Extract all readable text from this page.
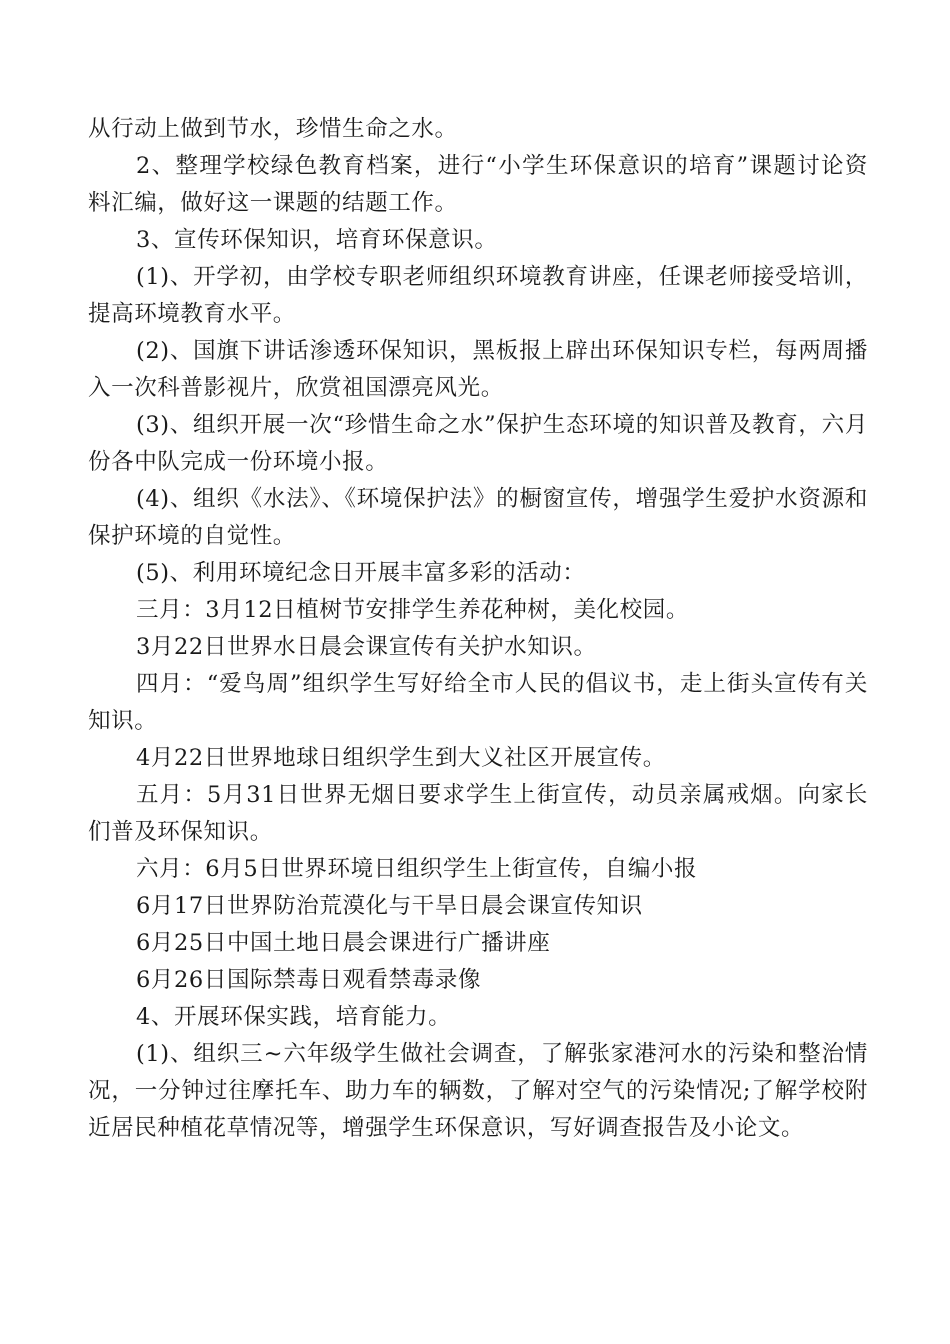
从行动上做到节水，珍惜生命之水。

2、整理学校绿色教育档案，进行“小学生环保意识的培育”课题讨论资料汇编，做好这一课题的结题工作。

3、宣传环保知识，培育环保意识。

(1)、开学初，由学校专职老师组织环境教育讲座，任课老师接受培训，提高环境教育水平。

(2)、国旗下讲话渗透环保知识，黑板报上辟出环保知识专栏，每两周播入一次科普影视片，欣赏祖国漂亮风光。

(3)、组织开展一次“珍惜生命之水”保护生态环境的知识普及教育，六月份各中队完成一份环境小报。

(4)、组织《水法》、《环境保护法》的橱窗宣传，增强学生爱护水资源和保护环境的自觉性。

(5)、利用环境纪念日开展丰富多彩的活动：

三月：3月12日植树节安排学生养花种树，美化校园。

3月22日世界水日晨会课宣传有关护水知识。

四月：“爱鸟周”组织学生写好给全市人民的倡议书，走上街头宣传有关知识。

4月22日世界地球日组织学生到大义社区开展宣传。

五月：5月31日世界无烟日要求学生上街宣传，动员亲属戒烟。向家长们普及环保知识。

六月：6月5日世界环境日组织学生上街宣传，自编小报

6月17日世界防治荒漠化与干旱日晨会课宣传知识

6月25日中国土地日晨会课进行广播讲座

6月26日国际禁毒日观看禁毒录像

4、开展环保实践，培育能力。

(1)、组织三~六年级学生做社会调查，了解张家港河水的污染和整治情况，一分钟过往摩托车、助力车的辆数，了解对空气的污染情况;了解学校附近居民种植花草情况等，增强学生环保意识，写好调查报告及小论文。
